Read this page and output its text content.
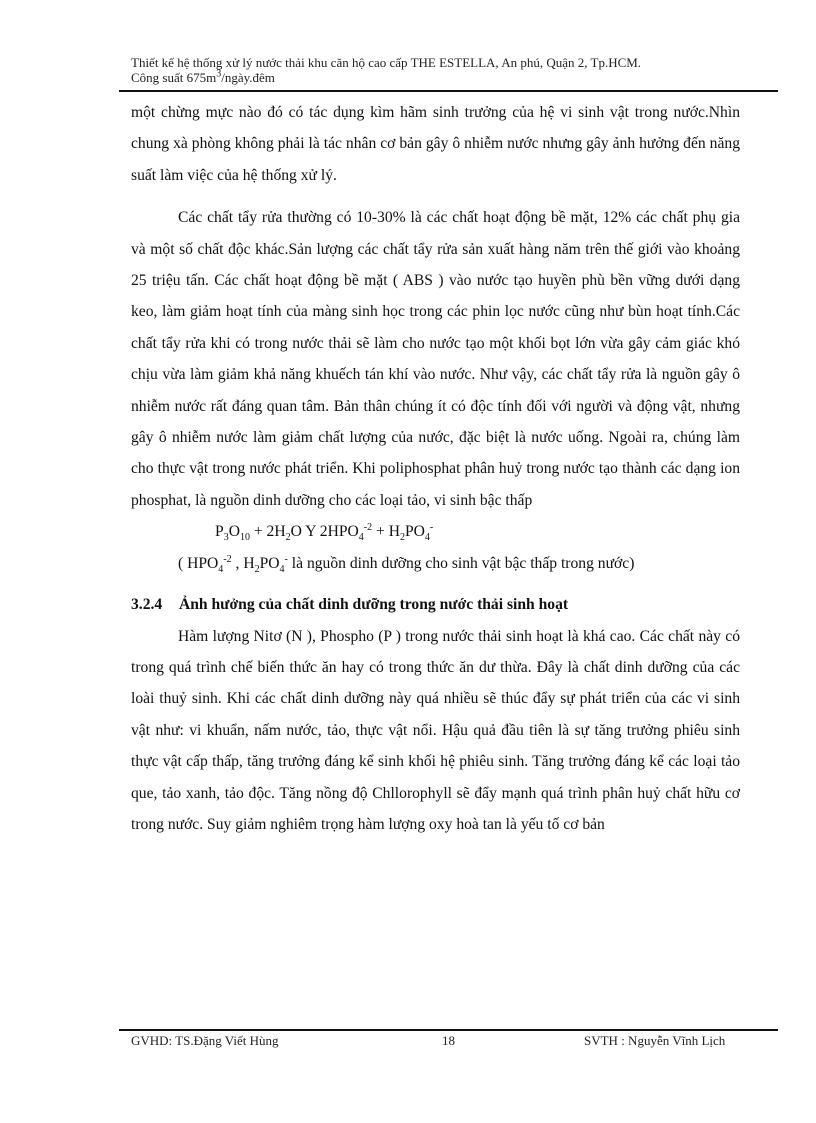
Thiết kế hệ thống xử lý nước thải khu căn hộ cao cấp THE ESTELLA, An phú, Quận 2, Tp.HCM.
Công suất $675m^3/ngày.đêm$

một chừng mực nào đó có tác dụng kìm hãm sinh trưởng của hệ vi sinh vật trong nước.Nhìn chung xà phòng không phải là tác nhân cơ bản gây ô nhiễm nước nhưng gây ảnh hưởng đến năng suất làm việc của hệ thống xử lý.

Các chất tẩy rửa thường có 10-30% là các chất hoạt động bề mặt, 12% các chất phụ gia và một số chất độc khác.Sản lượng các chất tẩy rửa sản xuất hàng năm trên thế giới vào khoảng 25 triệu tấn. Các chất hoạt động bề mặt ( ABS ) vào nước tạo huyền phù bền vững dưới dạng keo, làm giảm hoạt tính của màng sinh học trong các phin lọc nước cũng như bùn hoạt tính.Các chất tẩy rửa khi có trong nước thải sẽ làm cho nước tạo một khối bọt lớn vừa gây cảm giác khó chịu vừa làm giảm khả năng khuếch tán khí vào nước. Như vậy, các chất tẩy rửa là nguồn gây ô nhiễm nước rất đáng quan tâm. Bản thân chúng ít có độc tính đối với người và động vật, nhưng gây ô nhiễm nước làm giảm chất lượng của nước, đặc biệt là nước uống. Ngoài ra, chúng làm cho thực vật trong nước phát triển. Khi poliphosphat phân huỷ trong nước tạo thành các dạng ion phosphat, là nguồn dinh dưỡng cho các loại tảo, vi sinh bậc thấp

$P_3O_{10} + 2H_2O$ Y $2HPO_4^{-2} + H_2PO_4^-$

( $HPO_4^{-2}$ , $H_2PO_4^-$ là nguồn dinh dưỡng cho sinh vật bậc thấp trong nước)

3.2.4 Ảnh hưởng của chất dinh dưỡng trong nước thải sinh hoạt

Hàm lượng Nitơ (N ), Phospho (P ) trong nước thải sinh hoạt là khá cao. Các chất này có trong quá trình chế biến thức ăn hay có trong thức ăn dư thừa. Đây là chất dinh dưỡng của các loài thuỷ sinh. Khi các chất dinh dưỡng này quá nhiều sẽ thúc đẩy sự phát triển của các vi sinh vật như: vi khuẩn, nấm nước, tảo, thực vật nổi. Hậu quả đầu tiên là sự tăng trưởng phiêu sinh thực vật cấp thấp, tăng trưởng đáng kể sinh khối hệ phiêu sinh. Tăng trưởng đáng kể các loại tảo que, tảo xanh, tảo độc. Tăng nồng độ Chllorophyll sẽ đẩy mạnh quá trình phân huỷ chất hữu cơ trong nước. Suy giảm nghiêm trọng hàm lượng oxy hoà tan là yếu tố cơ bản

GVHD: TS.Đặng Viết Hùng	18	SVTH : Nguyễn Vĩnh Lịch
